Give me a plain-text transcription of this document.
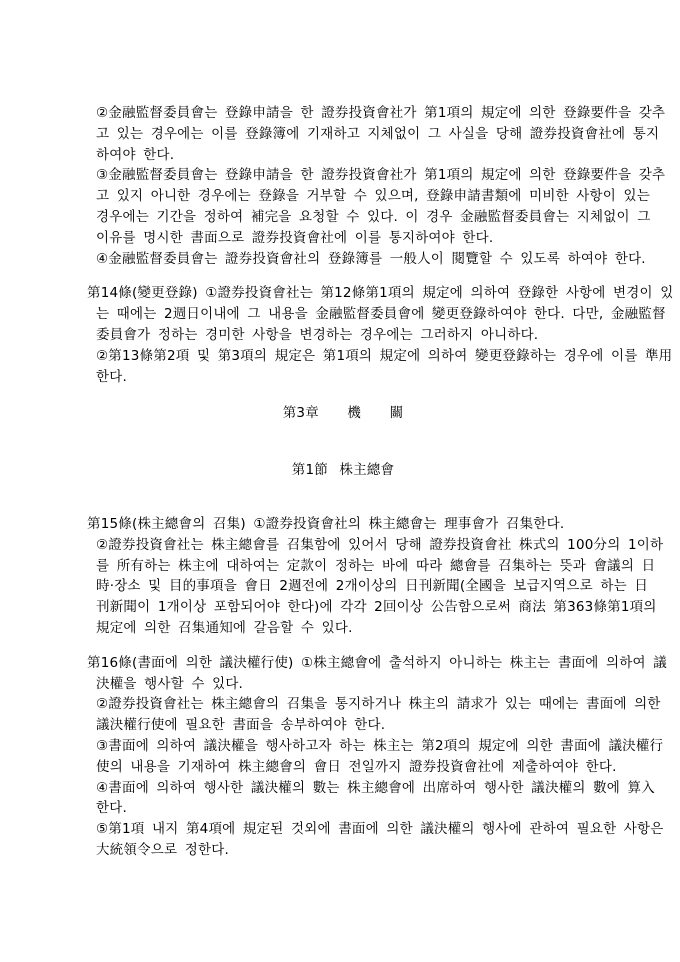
②金融監督委員會는 登錄申請을 한 證券投資會社가 第1項의 規定에 의한 登錄要件을 갖추
고 있는 경우에는 이를 登錄簿에 기재하고 지체없이 그 사실을 당해 證券投資會社에 통지
하여야 한다.
③金融監督委員會는 登錄申請을 한 證券投資會社가 第1項의 規定에 의한 登錄要件을 갖추
고 있지 아니한 경우에는 登錄을 거부할 수 있으며, 登錄申請書類에 미비한 사항이 있는
경우에는 기간을 정하여 補完을 요청할 수 있다. 이 경우 金融監督委員會는 지체없이 그
이유를 명시한 書面으로 證券投資會社에 이를 통지하여야 한다.
④金融監督委員會는 證券投資會社의 登錄簿를 一般人이 閱覽할 수 있도록 하여야 한다.
第14條(變更登錄) ①證券投資會社는 第12條第1項의 規定에 의하여 登錄한 사항에 변경이 있
는 때에는 2週日이내에 그 내용을 金融監督委員會에 變更登錄하여야 한다. 다만, 金融監督
委員會가 정하는 경미한 사항을 변경하는 경우에는 그러하지 아니하다.
②第13條第2項 및 第3項의 規定은 第1項의 規定에 의하여 變更登錄하는 경우에 이를 準用
한다.
第3章 機 關
第1節 株主總會
第15條(株主總會의 召集) ①證券投資會社의 株主總會는 理事會가 召集한다.
②證券投資會社는 株主總會를 召集함에 있어서 당해 證券投資會社 株式의 100分의 1이하
를 所有하는 株主에 대하여는 定款이 정하는 바에 따라 總會를 召集하는 뜻과 會議의 日
時·장소 및 目的事項을 會日 2週전에 2개이상의 日刊新聞(全國을 보급지역으로 하는 日
刊新聞이 1개이상 포함되어야 한다)에 각각 2回이상 公告함으로써 商法 第363條第1項의
規定에 의한 召集通知에 갈음할 수 있다.
第16條(書面에 의한 議決權行使) ①株主總會에 출석하지 아니하는 株主는 書面에 의하여 議
決權을 행사할 수 있다.
②證券投資會社는 株主總會의 召集을 통지하거나 株主의 請求가 있는 때에는 書面에 의한
議決權行使에 필요한 書面을 송부하여야 한다.
③書面에 의하여 議決權을 행사하고자 하는 株主는 第2項의 規定에 의한 書面에 議決權行
使의 내용을 기재하여 株主總會의 會日 전일까지 證券投資會社에 제출하여야 한다.
④書面에 의하여 행사한 議決權의 數는 株主總會에 出席하여 행사한 議決權의 數에 算入
한다.
⑤第1項 내지 第4項에 規定된 것외에 書面에 의한 議決權의 행사에 관하여 필요한 사항은
大統領令으로 정한다.
